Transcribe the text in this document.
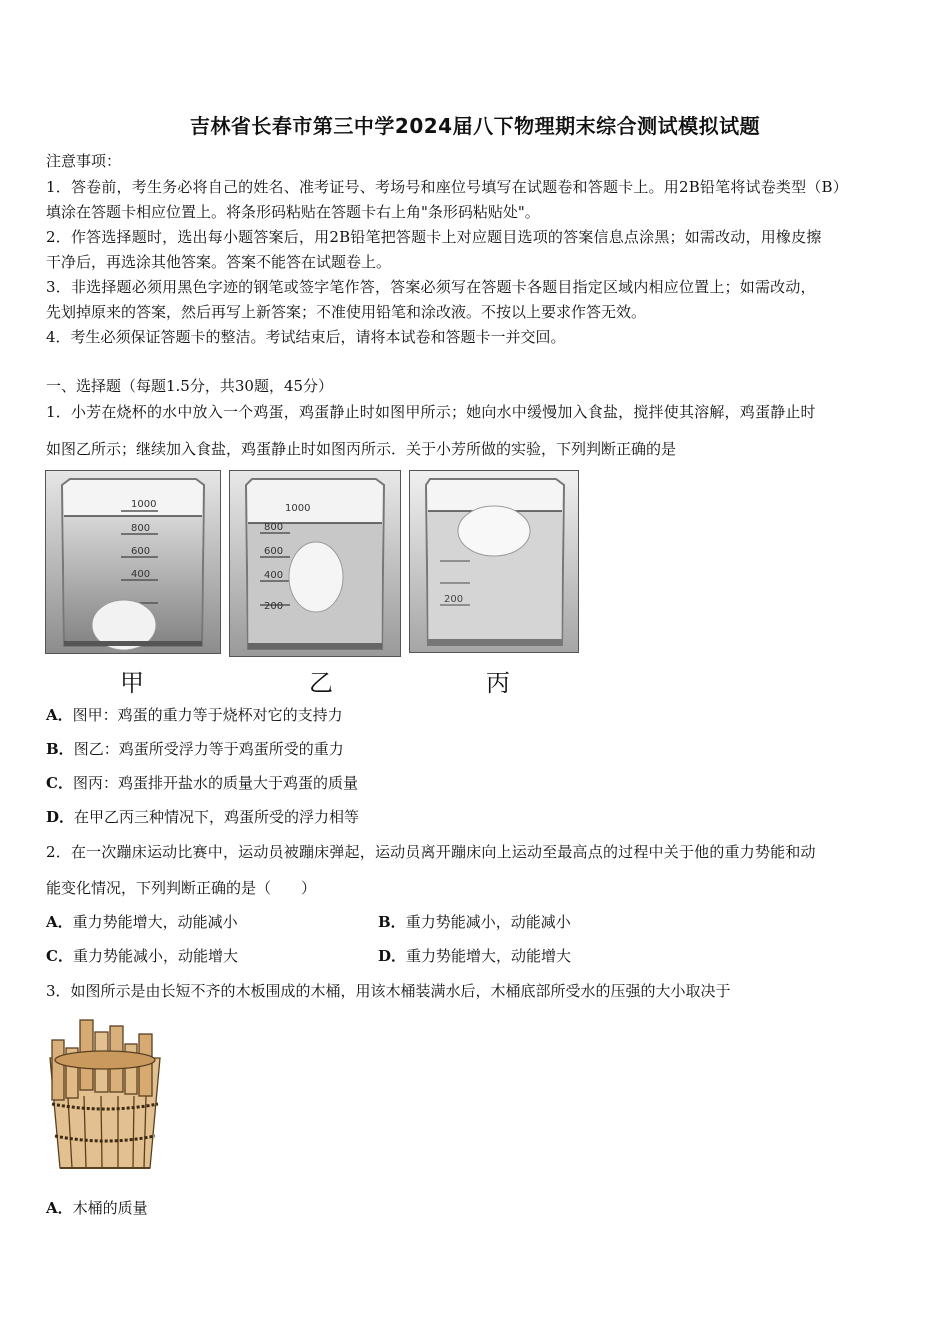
吉林省长春市第三中学2024届八下物理期末综合测试模拟试题
注意事项：
1．答卷前，考生务必将自己的姓名、准考证号、考场号和座位号填写在试题卷和答题卡上。用2B铅笔将试卷类型（B）
填涂在答题卡相应位置上。将条形码粘贴在答题卡右上角"条形码粘贴处"。
2．作答选择题时，选出每小题答案后，用2B铅笔把答题卡上对应题目选项的答案信息点涂黑；如需改动，用橡皮擦
干净后，再选涂其他答案。答案不能答在试题卷上。
3．非选择题必须用黑色字迹的钢笔或签字笔作答，答案必须写在答题卡各题目指定区域内相应位置上；如需改动，
先划掉原来的答案，然后再写上新答案；不准使用铅笔和涂改液。不按以上要求作答无效。
4．考生必须保证答题卡的整洁。考试结束后，请将本试卷和答题卡一并交回。
一、选择题（每题1.5分，共30题，45分）
1．小芳在烧杯的水中放入一个鸡蛋，鸡蛋静止时如图甲所示；她向水中缓慢加入食盐，搅拌使其溶解，鸡蛋静止时
如图乙所示；继续加入食盐，鸡蛋静止时如图丙所示．关于小芳所做的实验，下列判断正确的是
1000
800
600
400
甲
1000
800
600
400
200
乙
200
丙
A．图甲：鸡蛋的重力等于烧杯对它的支持力
B．图乙：鸡蛋所受浮力等于鸡蛋所受的重力
C．图丙：鸡蛋排开盐水的质量大于鸡蛋的质量
D．在甲乙丙三种情况下，鸡蛋所受的浮力相等
2．在一次蹦床运动比赛中，运动员被蹦床弹起，运动员离开蹦床向上运动至最高点的过程中关于他的重力势能和动
能变化情况，下列判断正确的是（　　）
A．重力势能增大，动能减小	B．重力势能减小，动能减小
C．重力势能减小，动能增大	D．重力势能增大，动能增大
3．如图所示是由长短不齐的木板围成的木桶，用该木桶装满水后，木桶底部所受水的压强的大小取决于
A．木桶的质量
